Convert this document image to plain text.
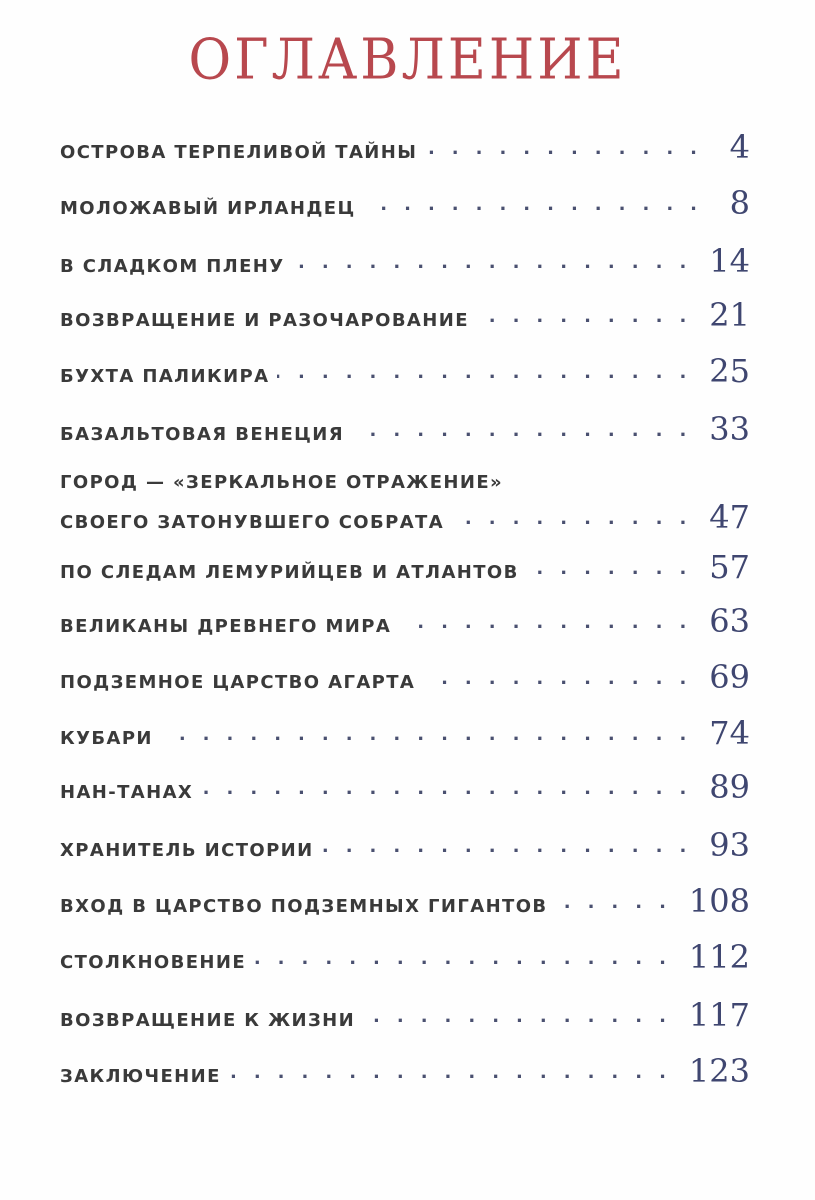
ОГЛАВЛЕНИЕ
ОСТРОВА ТЕРПЕЛИВОЙ ТАЙНЫ . . .	4
МОЛОЖАВЫЙ ИРЛАНДЕЦ . . .	8
В СЛАДКОМ ПЛЕНУ . . .	14
ВОЗВРАЩЕНИЕ И РАЗОЧАРОВАНИЕ . . .	21
БУХТА ПАЛИКИРА . . .	25
БАЗАЛЬТОВАЯ ВЕНЕЦИЯ . . .	33
ГОРОД — «ЗЕРКАЛЬНОЕ ОТРАЖЕНИЕ»
СВОЕГО ЗАТОНУВШЕГО СОБРАТА . . .	47
ПО СЛЕДАМ ЛЕМУРИЙЦЕВ И АТЛАНТОВ . . .	57
ВЕЛИКАНЫ ДРЕВНЕГО МИРА . . .	63
ПОДЗЕМНОЕ ЦАРСТВО АГАРТА . . .	69
КУБАРИ . . .	74
НАН-ТАНАХ . . .	89
ХРАНИТЕЛЬ ИСТОРИИ . . .	93
ВХОД В ЦАРСТВО ПОДЗЕМНЫХ ГИГАНТОВ . . .	108
СТОЛКНОВЕНИЕ . . .	112
ВОЗВРАЩЕНИЕ К ЖИЗНИ . . .	117
ЗАКЛЮЧЕНИЕ . . .	123
